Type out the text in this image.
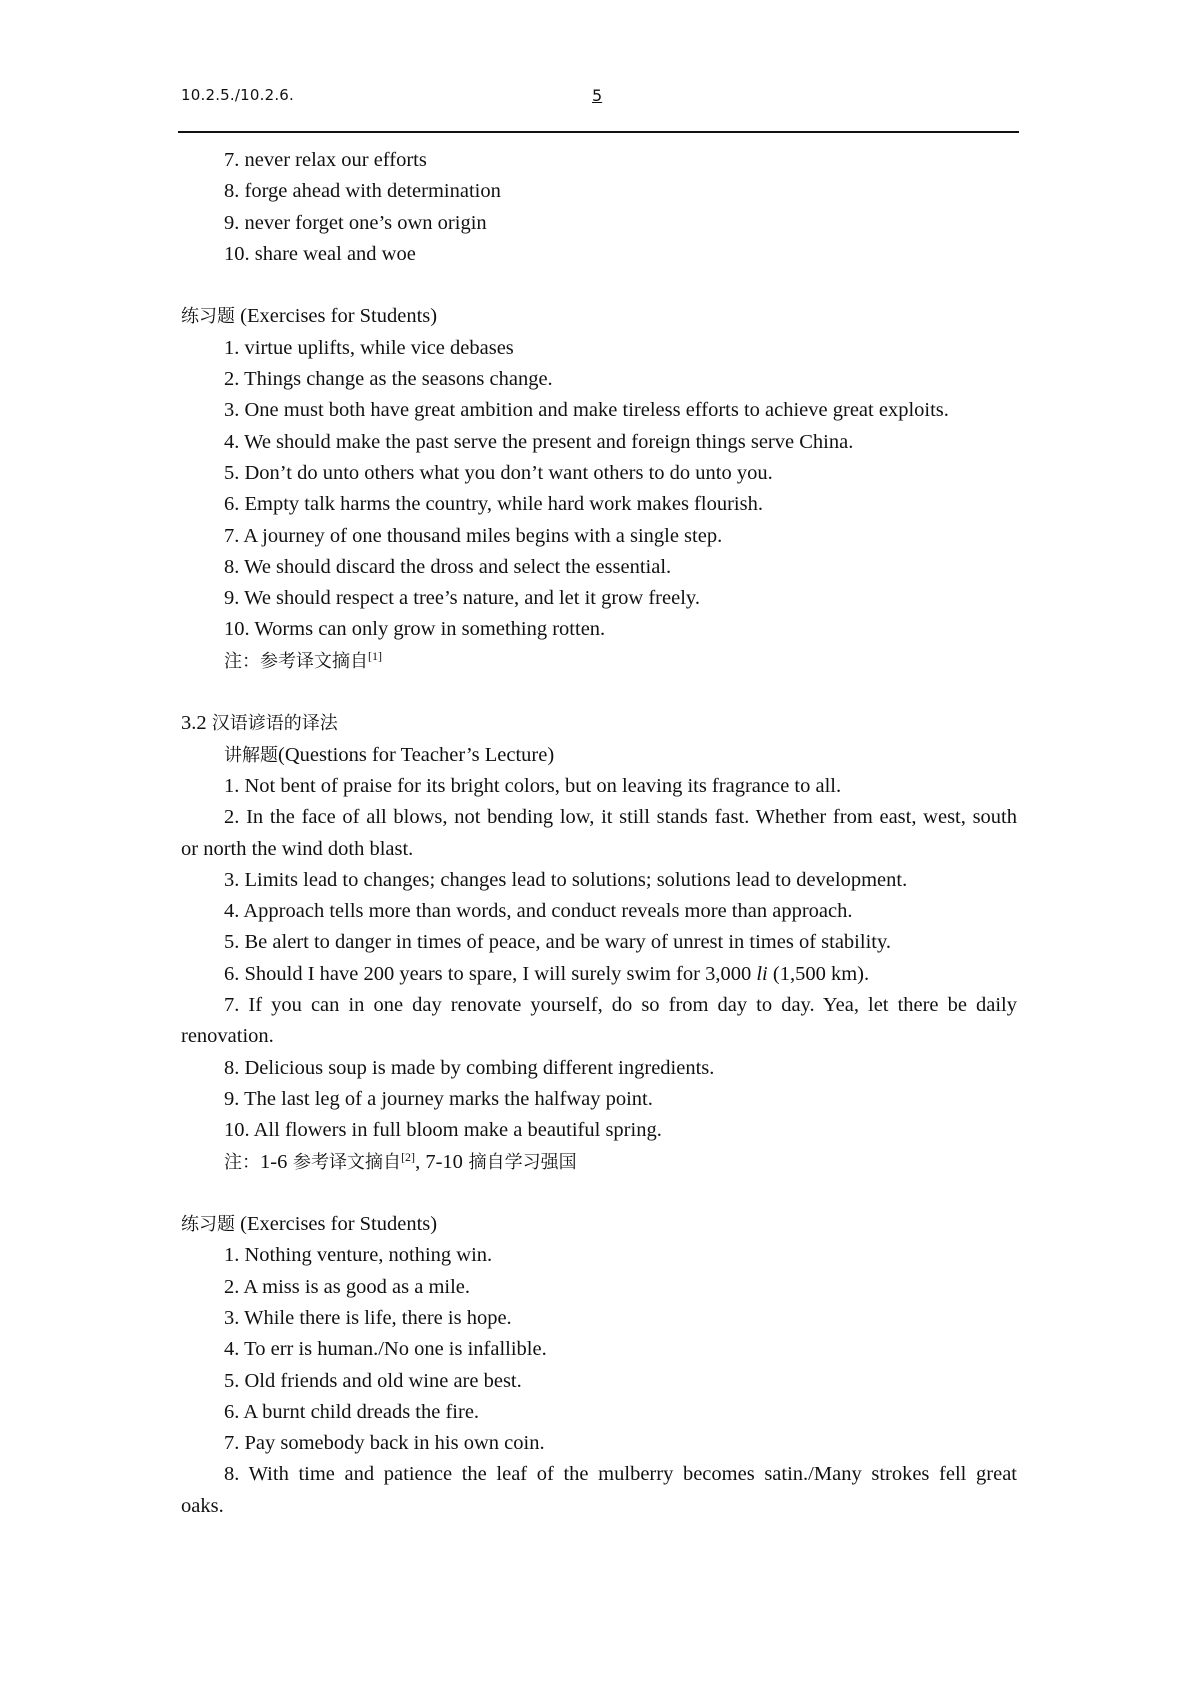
10.2.5./10.2.6.	5
7. never relax our efforts
8. forge ahead with determination
9. never forget one’s own origin
10. share weal and woe
练习题 (Exercises for Students)
1. virtue uplifts, while vice debases
2. Things change as the seasons change.
3. One must both have great ambition and make tireless efforts to achieve great exploits.
4. We should make the past serve the present and foreign things serve China.
5. Don’t do unto others what you don’t want others to do unto you.
6. Empty talk harms the country, while hard work makes flourish.
7. A journey of one thousand miles begins with a single step.
8. We should discard the dross and select the essential.
9. We should respect a tree’s nature, and let it grow freely.
10. Worms can only grow in something rotten.
注：参考译文摘自[1]
3.2 汉语谚语的译法
讲解题(Questions for Teacher’s Lecture)
1. Not bent of praise for its bright colors, but on leaving its fragrance to all.
2. In the face of all blows, not bending low, it still stands fast. Whether from east, west, south
or north the wind doth blast.
3. Limits lead to changes; changes lead to solutions; solutions lead to development.
4. Approach tells more than words, and conduct reveals more than approach.
5. Be alert to danger in times of peace, and be wary of unrest in times of stability.
6. Should I have 200 years to spare, I will surely swim for 3,000 li (1,500 km).
7. If you can in one day renovate yourself, do so from day to day. Yea, let there be daily
renovation.
8. Delicious soup is made by combing different ingredients.
9. The last leg of a journey marks the halfway point.
10. All flowers in full bloom make a beautiful spring.
注：1-6 参考译文摘自[2], 7-10 摘自学习强国
练习题 (Exercises for Students)
1. Nothing venture, nothing win.
2. A miss is as good as a mile.
3. While there is life, there is hope.
4. To err is human./No one is infallible.
5. Old friends and old wine are best.
6. A burnt child dreads the fire.
7. Pay somebody back in his own coin.
8. With time and patience the leaf of the mulberry becomes satin./Many strokes fell great
oaks.
